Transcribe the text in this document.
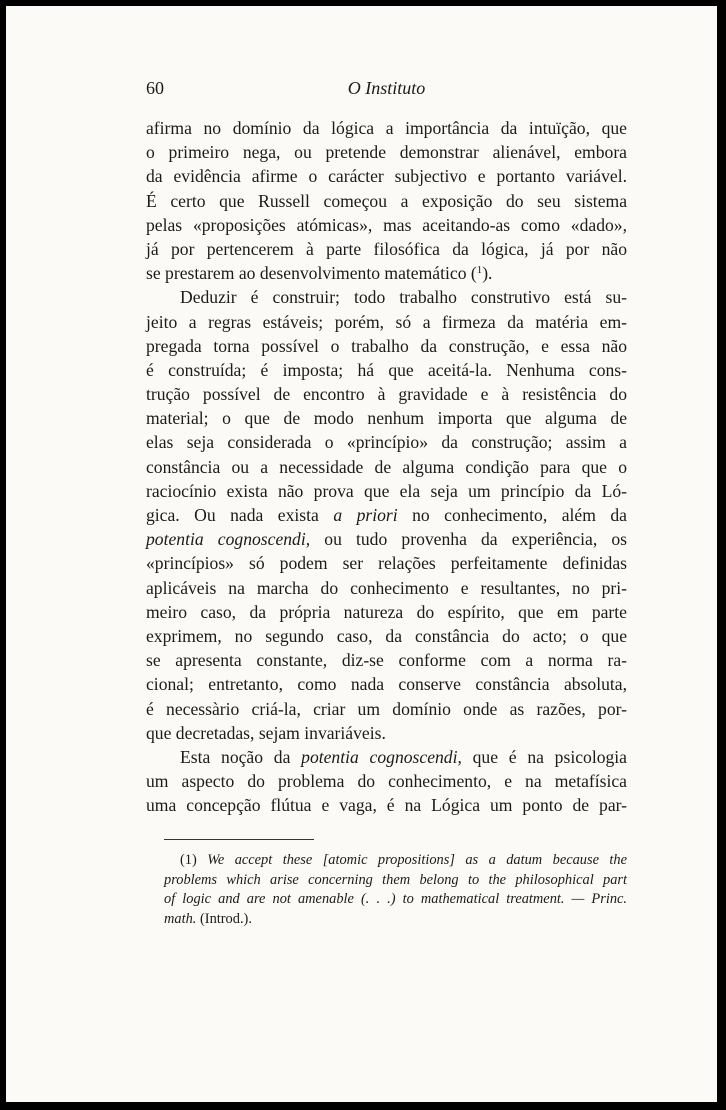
60	O Instituto
afirma no domínio da lógica a importância da intuïção, que
o primeiro nega, ou pretende demonstrar alienável, embora
da evidência afirme o carácter subjectivo e portanto variável.
É certo que Russell começou a exposição do seu sistema
pelas «proposições atómicas», mas aceitando-as como «dado»,
já por pertencerem à parte filosófica da lógica, já por não
se prestarem ao desenvolvimento matemático ($^1$).
Deduzir é construir; todo trabalho construtivo está su-
jeito a regras estáveis; porém, só a firmeza da matéria em-
pregada torna possível o trabalho da construção, e essa não
é construída; é imposta; há que aceitá-la. Nenhuma cons-
trução possível de encontro à gravidade e à resistência do
material; o que de modo nenhum importa que alguma de
elas seja considerada o «princípio» da construção; assim a
constância ou a necessidade de alguma condição para que o
raciocínio exista não prova que ela seja um princípio da Ló-
gica. Ou nada exista a priori no conhecimento, além da
potentia cognoscendi, ou tudo provenha da experiência, os
«princípios» só podem ser relações perfeitamente definidas
aplicáveis na marcha do conhecimento e resultantes, no pri-
meiro caso, da própria natureza do espírito, que em parte
exprimem, no segundo caso, da constância do acto; o que
se apresenta constante, diz-se conforme com a norma ra-
cional; entretanto, como nada conserve constância absoluta,
é necessàrio criá-la, criar um domínio onde as razões, por-
que decretadas, sejam invariáveis.
Esta noção da potentia cognoscendi, que é na psicologia
um aspecto do problema do conhecimento, e na metafísica
uma concepção flútua e vaga, é na Lógica um ponto de par-
(1) We accept these [atomic propositions] as a datum because the
problems which arise concerning them belong to the philosophical part
of logic and are not amenable (. . .) to mathematical treatment. — Princ.
math. (Introd.).
